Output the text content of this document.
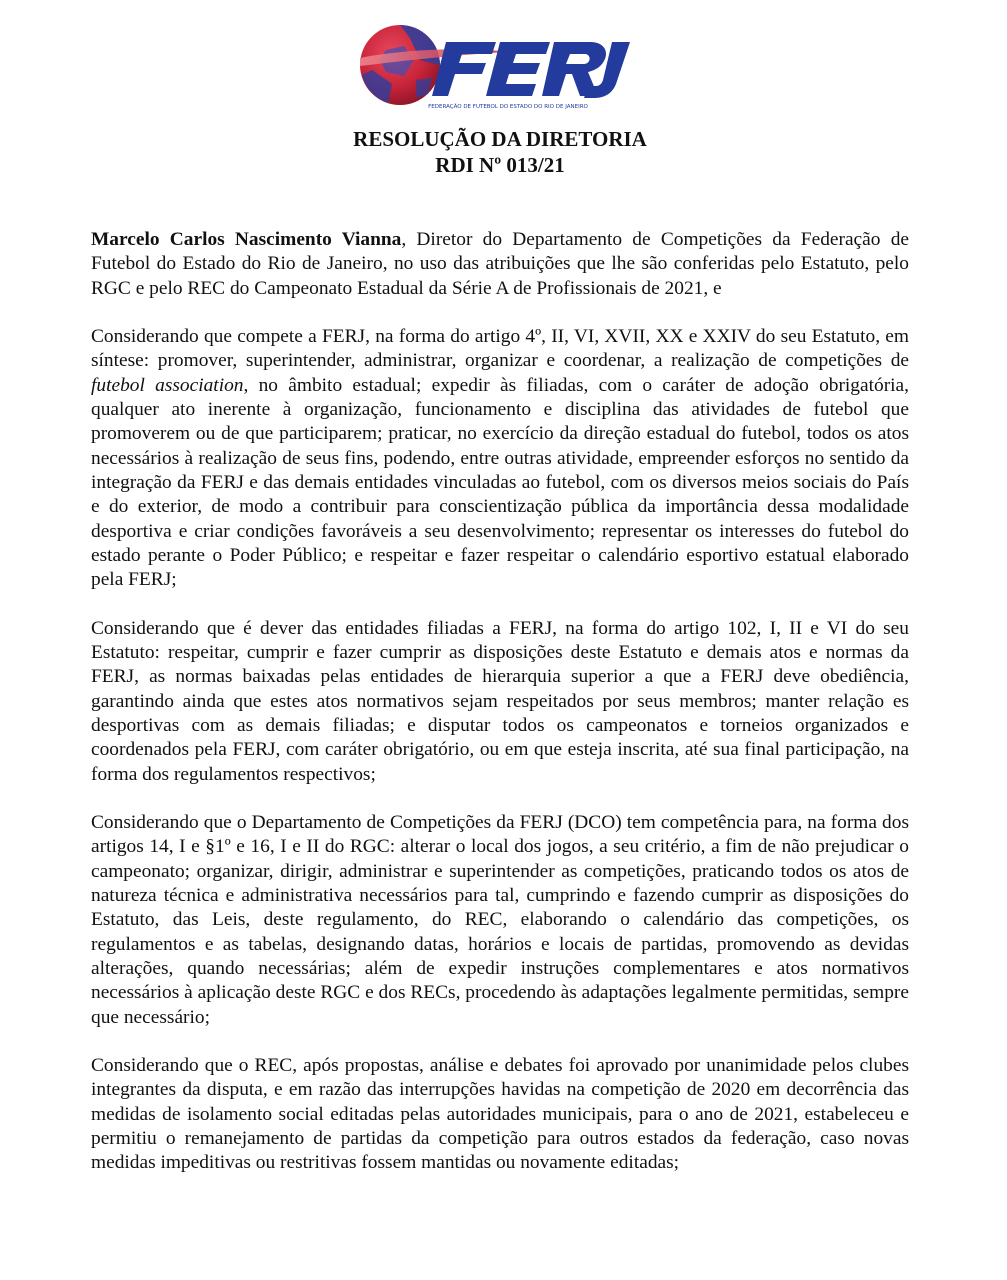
FEDERAÇÃO DE FUTEBOL DO ESTADO DO RIO DE JANEIRO
RESOLUÇÃO DA DIRETORIA
RDI Nº 013/21

Marcelo Carlos Nascimento Vianna, Diretor do Departamento de Competições da Federação de Futebol do Estado do Rio de Janeiro, no uso das atribuições que lhe são conferidas pelo Estatuto, pelo RGC e pelo REC do Campeonato Estadual da Série A de Profissionais de 2021, e

Considerando que compete a FERJ, na forma do artigo 4º, II, VI, XVII, XX e XXIV do seu Estatuto, em síntese: promover, superintender, administrar, organizar e coordenar, a realização de competições de futebol association, no âmbito estadual; expedir às filiadas, com o caráter de adoção obrigatória, qualquer ato inerente à organização, funcionamento e disciplina das atividades de futebol que promoverem ou de que participarem; praticar, no exercício da direção estadual do futebol, todos os atos necessários à realização de seus fins, podendo, entre outras atividade, empreender esforços no sentido da integração da FERJ e das demais entidades vinculadas ao futebol, com os diversos meios sociais do País e do exterior, de modo a contribuir para conscientização pública da importância dessa modalidade desportiva e criar condições favoráveis a seu desenvolvimento; representar os interesses do futebol do estado perante o Poder Público; e respeitar e fazer respeitar o calendário esportivo estatual elaborado pela FERJ;

Considerando que é dever das entidades filiadas a FERJ, na forma do artigo 102, I, II e VI do seu Estatuto: respeitar, cumprir e fazer cumprir as disposições deste Estatuto e demais atos e normas da FERJ, as normas baixadas pelas entidades de hierarquia superior a que a FERJ deve obediência, garantindo ainda que estes atos normativos sejam respeitados por seus membros; manter relação es desportivas com as demais filiadas; e disputar todos os campeonatos e torneios organizados e coordenados pela FERJ, com caráter obrigatório, ou em que esteja inscrita, até sua final participação, na forma dos regulamentos respectivos;

Considerando que o Departamento de Competições da FERJ (DCO) tem competência para, na forma dos artigos 14, I e §1º e 16, I e II do RGC: alterar o local dos jogos, a seu critério, a fim de não prejudicar o campeonato; organizar, dirigir, administrar e superintender as competições, praticando todos os atos de natureza técnica e administrativa necessários para tal, cumprindo e fazendo cumprir as disposições do Estatuto, das Leis, deste regulamento, do REC, elaborando o calendário das competições, os regulamentos e as tabelas, designando datas, horários e locais de partidas, promovendo as devidas alterações, quando necessárias; além de expedir instruções complementares e atos normativos necessários à aplicação deste RGC e dos RECs, procedendo às adaptações legalmente permitidas, sempre que necessário;

Considerando que o REC, após propostas, análise e debates foi aprovado por unanimidade pelos clubes integrantes da disputa, e em razão das interrupções havidas na competição de 2020 em decorrência das medidas de isolamento social editadas pelas autoridades municipais, para o ano de 2021, estabeleceu e permitiu o remanejamento de partidas da competição para outros estados da federação, caso novas medidas impeditivas ou restritivas fossem mantidas ou novamente editadas;
